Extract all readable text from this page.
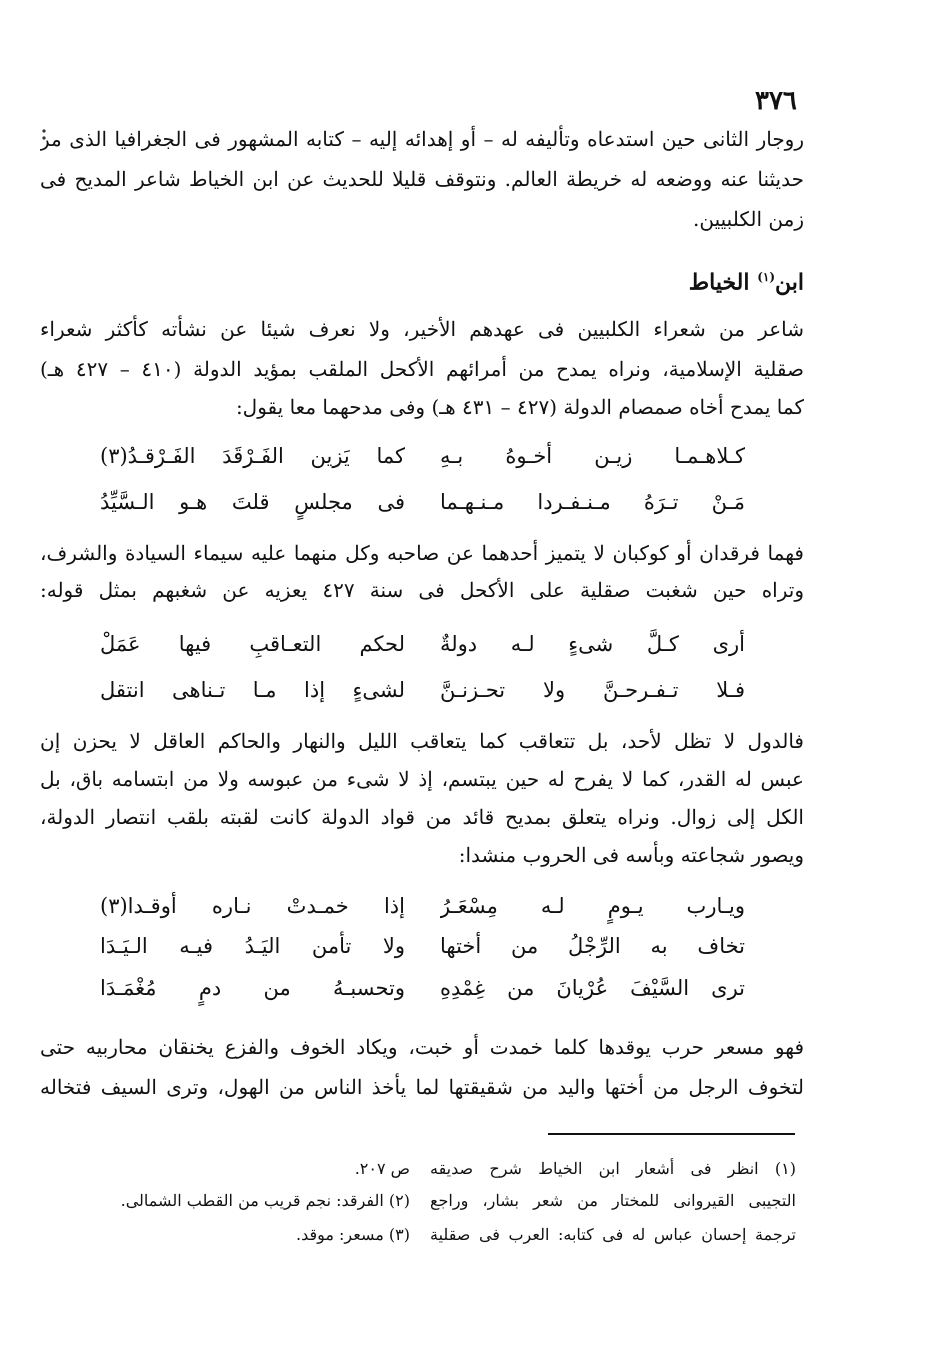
٣٧٦
روجار الثانى حين استدعاه وتأليفه له – أو إهدائه إليه – كتابه المشهور فى الجغرافيا الذى مر
حديثنا عنه ووضعه له خريطة العالم. ونتوقف قليلا للحديث عن ابن الخياط شاعر المديح فى
زمن الكلبيين.
ابن$^{(١)}$ الخياط
شاعر من شعراء الكلبيين فى عهدهم الأخير، ولا نعرف شيئا عن نشأته كأكثر شعراء
صقلية الإسلامية، ونراه يمدح من أمرائهم الأكحل الملقب بمؤيد الدولة (٤١٠ – ٤٢٧ هـ)
كما يمدح أخاه صمصام الدولة (٤٢٧ – ٤٣١ هـ) وفى مدحهما معا يقول:
كـلاهـمـا زيـن أخـوهُ بـهِ
كما يَزين الفَـرْقَدَ الفَـرْقـدُ(٣)
مَـنْ تـرَهُ مـنـفـردا مـنـهـما
فى مجلسٍ قلتَ هـو الـسَّيِّدُ
فهما فرقدان أو كوكبان لا يتميز أحدهما عن صاحبه وكل منهما عليه سيماء السيادة والشرف،
وتراه حين شغبت صقلية على الأكحل فى سنة ٤٢٧ يعزيه عن شغبهم بمثل قوله:
أرى كـلَّ شىءٍ لـه دولةٌ
لحكم التعـاقبِ فيها عَمَلْ
فـلا تـفـرحـنَّ ولا تحـزنـنَّ
لشىءٍ إذا مـا تـناهى انتقل
فالدول لا تظل لأحد، بل تتعاقب كما يتعاقب الليل والنهار والحاكم العاقل لا يحزن إن
عبس له القدر، كما لا يفرح له حين يبتسم، إذ لا شىء من عبوسه ولا من ابتسامه باق، بل
الكل إلى زوال. ونراه يتعلق بمديح قائد من قواد الدولة كانت لقبته بلقب انتصار الدولة،
ويصور شجاعته وبأسه فى الحروب منشدا:
ويـارب يـومٍ لـه مِسْعَـرُ
إذا خمـدتْ نـاره أوقـدا(٣)
تخاف به الرِّجْلُ من أختها
ولا تأمن اليَـدُ فيـه الـيَـدَا
ترى السَّيْفَ عُرْيانَ من غِمْدِهِ
وتحسبـهُ من دمٍ مُغْمَـدَا
فهو مسعر حرب يوقدها كلما خمدت أو خبت، ويكاد الخوف والفزع يخنقان محاربيه حتى
لتخوف الرجل من أختها واليد من شقيقتها لما يأخذ الناس من الهول، وترى السيف فتخاله
(١) انظر فى أشعار ابن الخياط شرح صديقه
التجيبى القيروانى للمختار من شعر بشار، وراجع
ترجمة إحسان عباس له فى كتابه: العرب فى صقلية
ص ٢٠٧.
(٢) الفرقد: نجم قريب من القطب الشمالى.
(٣) مسعر: موقد.
